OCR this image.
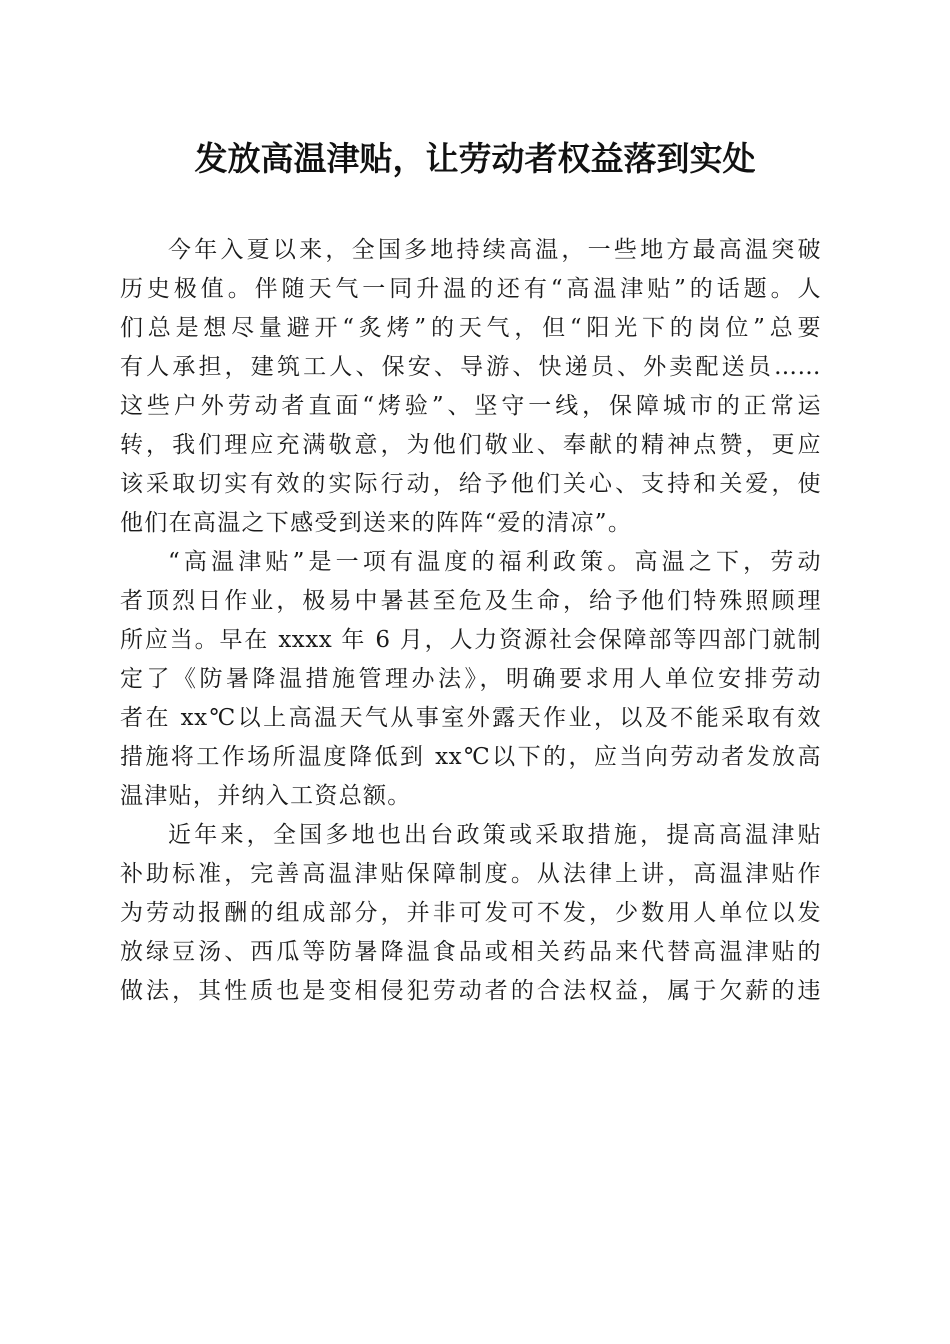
发放高温津贴，让劳动者权益落到实处

今年入夏以来，全国多地持续高温，一些地方最高温突破
历史极值。伴随天气一同升温的还有“高温津贴”的话题。人
们总是想尽量避开“炙烤”的天气，但“阳光下的岗位”总要
有人承担，建筑工人、保安、导游、快递员、外卖配送员……
这些户外劳动者直面“烤验”、坚守一线，保障城市的正常运
转，我们理应充满敬意，为他们敬业、奉献的精神点赞，更应
该采取切实有效的实际行动，给予他们关心、支持和关爱，使
他们在高温之下感受到送来的阵阵“爱的清凉”。

“高温津贴”是一项有温度的福利政策。高温之下，劳动
者顶烈日作业，极易中暑甚至危及生命，给予他们特殊照顾理
所应当。早在 xxxx 年 6 月，人力资源社会保障部等四部门就制
定了《防暑降温措施管理办法》，明确要求用人单位安排劳动
者在 xx℃以上高温天气从事室外露天作业，以及不能采取有效
措施将工作场所温度降低到 xx℃以下的，应当向劳动者发放高
温津贴，并纳入工资总额。

近年来，全国多地也出台政策或采取措施，提高高温津贴
补助标准，完善高温津贴保障制度。从法律上讲，高温津贴作
为劳动报酬的组成部分，并非可发可不发，少数用人单位以发
放绿豆汤、西瓜等防暑降温食品或相关药品来代替高温津贴的
做法，其性质也是变相侵犯劳动者的合法权益，属于欠薪的违
